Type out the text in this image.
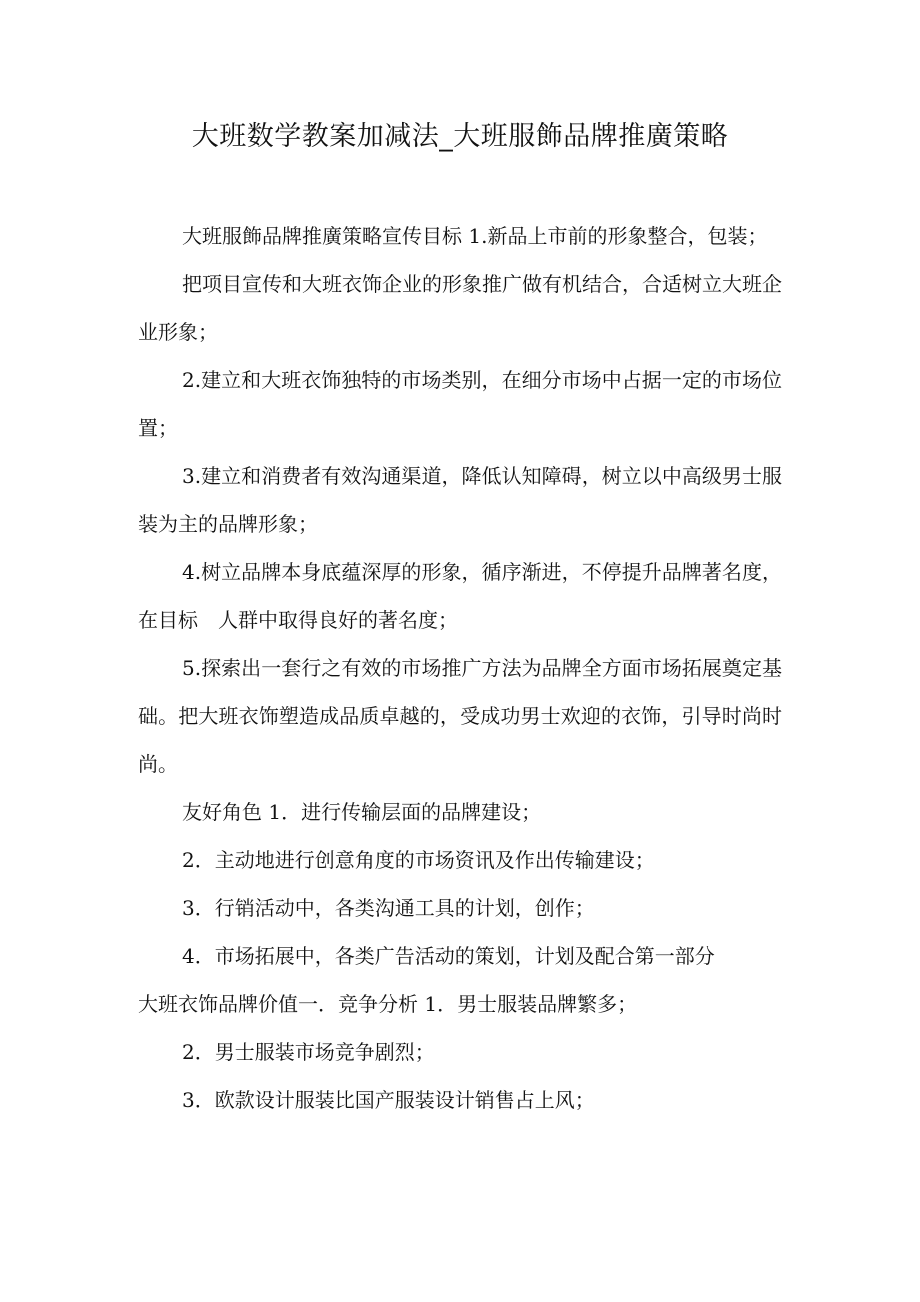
大班数学教案加减法_大班服飾品牌推廣策略

大班服飾品牌推廣策略宣传目标 1.新品上市前的形象整合，包装；

把项目宣传和大班衣饰企业的形象推广做有机结合，合适树立大班企业形象；

2.建立和大班衣饰独特的市场类别，在细分市场中占据一定的市场位置；

3.建立和消费者有效沟通渠道，降低认知障碍，树立以中高级男士服装为主的品牌形象；

4.树立品牌本身底蕴深厚的形象，循序渐进，不停提升品牌著名度，在目标　人群中取得良好的著名度；

5.探索出一套行之有效的市场推广方法为品牌全方面市场拓展奠定基础。把大班衣饰塑造成品质卓越的，受成功男士欢迎的衣饰，引导时尚时尚。

友好角色 1．进行传输层面的品牌建设；

2．主动地进行创意角度的市场资讯及作出传输建设；

3．行销活动中，各类沟通工具的计划，创作；

4．市场拓展中，各类广告活动的策划，计划及配合第一部分

大班衣饰品牌价值一．竞争分析 1．男士服装品牌繁多；

2．男士服装市场竞争剧烈；

3．欧款设计服装比国产服装设计销售占上风；
